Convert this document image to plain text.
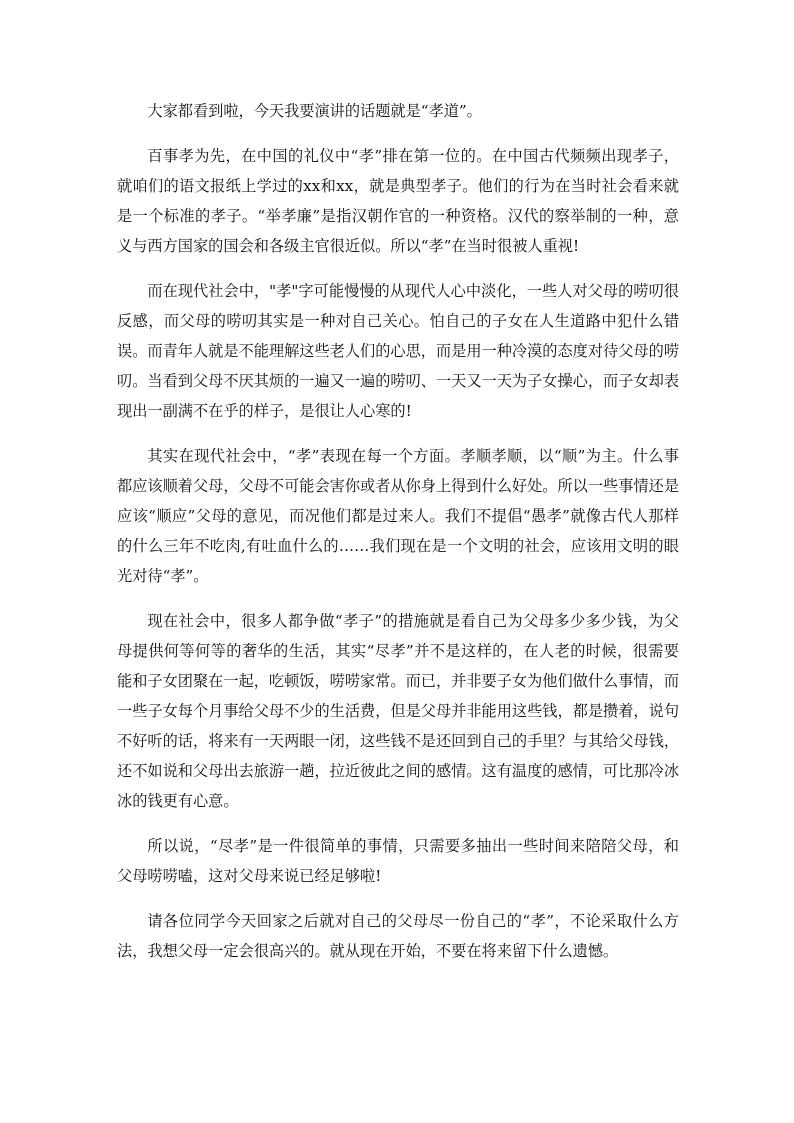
大家都看到啦，今天我要演讲的话题就是“孝道”。

百事孝为先，在中国的礼仪中“孝”排在第一位的。在中国古代频频出现孝子，就咱们的语文报纸上学过的xx和xx，就是典型孝子。他们的行为在当时社会看来就是一个标准的孝子。“举孝廉”是指汉朝作官的一种资格。汉代的察举制的一种，意义与西方国家的国会和各级主官很近似。所以“孝”在当时很被人重视!

而在现代社会中，"孝"字可能慢慢的从现代人心中淡化，一些人对父母的唠叨很反感，而父母的唠叨其实是一种对自己关心。怕自己的子女在人生道路中犯什么错误。而青年人就是不能理解这些老人们的心思，而是用一种冷漠的态度对待父母的唠叨。当看到父母不厌其烦的一遍又一遍的唠叨、一天又一天为子女操心，而子女却表现出一副满不在乎的样子，是很让人心寒的!

其实在现代社会中，“孝”表现在每一个方面。孝顺孝顺，以“顺”为主。什么事都应该顺着父母，父母不可能会害你或者从你身上得到什么好处。所以一些事情还是应该“顺应”父母的意见，而况他们都是过来人。我们不提倡“愚孝”就像古代人那样的什么三年不吃肉,有吐血什么的……我们现在是一个文明的社会，应该用文明的眼光对待“孝”。

现在社会中，很多人都争做“孝子”的措施就是看自己为父母多少多少钱，为父母提供何等何等的奢华的生活，其实“尽孝”并不是这样的，在人老的时候，很需要能和子女团聚在一起，吃顿饭，唠唠家常。而已，并非要子女为他们做什么事情，而一些子女每个月事给父母不少的生活费，但是父母并非能用这些钱，都是攒着，说句不好听的话，将来有一天两眼一闭，这些钱不是还回到自己的手里？与其给父母钱，还不如说和父母出去旅游一趟，拉近彼此之间的感情。这有温度的感情，可比那冷冰冰的钱更有心意。

所以说，“尽孝”是一件很简单的事情，只需要多抽出一些时间来陪陪父母，和父母唠唠嗑，这对父母来说已经足够啦!

请各位同学今天回家之后就对自己的父母尽一份自己的“孝”，不论采取什么方法，我想父母一定会很高兴的。就从现在开始，不要在将来留下什么遗憾。
